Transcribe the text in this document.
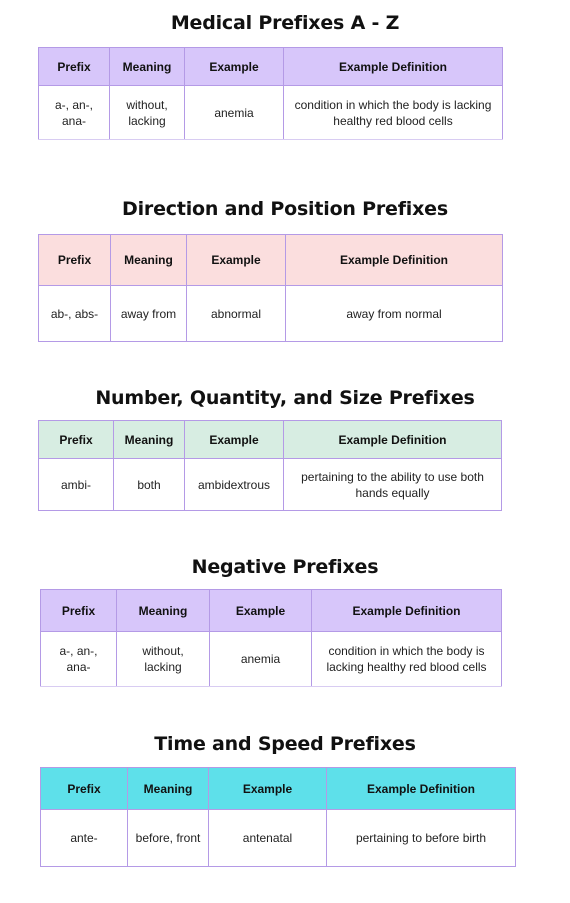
Medical Prefixes A - Z
Prefix	Meaning	Example	Example Definition
a-, an-, ana-	without, lacking	anemia	condition in which the body is lacking healthy red blood cells
Direction and Position Prefixes
Prefix	Meaning	Example	Example Definition
ab-, abs-	away from	abnormal	away from normal
Number, Quantity, and Size Prefixes
Prefix	Meaning	Example	Example Definition
ambi-	both	ambidextrous	pertaining to the ability to use both hands equally
Negative Prefixes
Prefix	Meaning	Example	Example Definition
a-, an-, ana-	without, lacking	anemia	condition in which the body is lacking healthy red blood cells
Time and Speed Prefixes
Prefix	Meaning	Example	Example Definition
ante-	before, front	antenatal	pertaining to before birth
